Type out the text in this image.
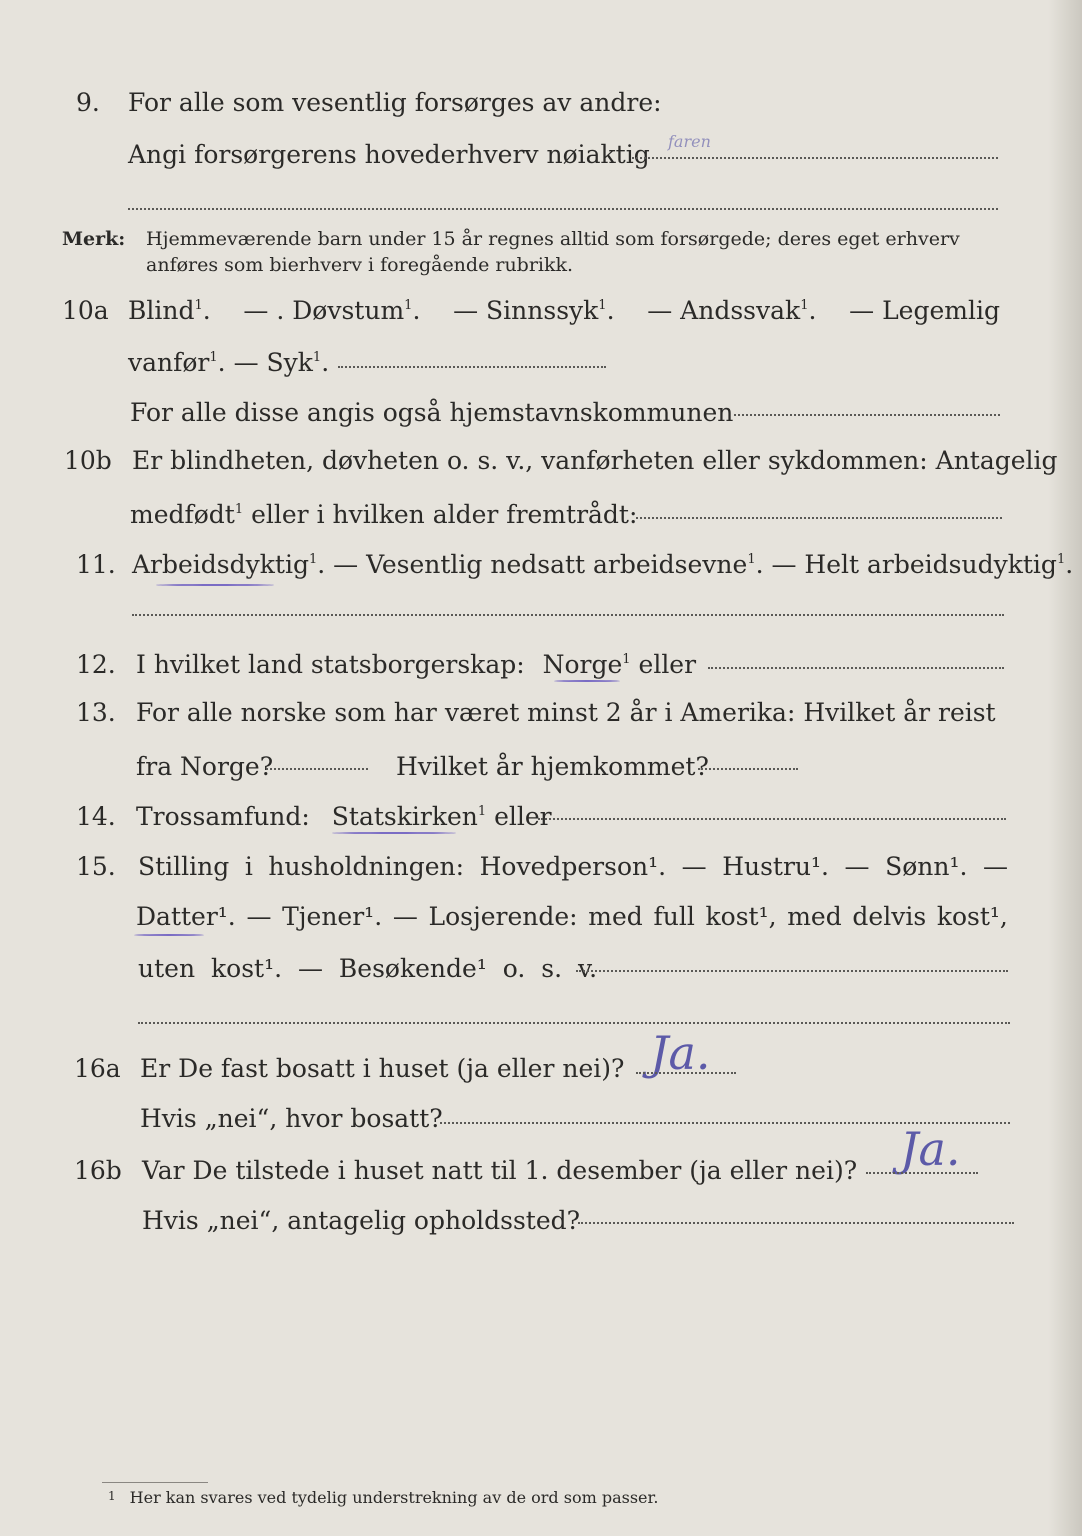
9. For alle som vesentlig forsørges av andre:
Angi forsørgerens hovederhverv nøiaktig faren
Merk: Hjemmeværende barn under 15 år regnes alltid som forsørgede; deres eget erhverv
anføres som bierhverv i foregående rubrikk.
10a Blind$^1$. — . Døvstum$^1$. — Sinnssyk$^1$. — Andssvak$^1$. — Legemlig
vanfør$^1$. — Syk$^1$.
For alle disse angis også hjemstavnskommunen
10b Er blindheten, døvheten o. s. v., vanførheten eller sykdommen: Antagelig
medfødt$^1$ eller i hvilken alder fremtrådt:
11. Arbeidsdyktig$^1$. — Vesentlig nedsatt arbeidsevne$^1$. — Helt arbeidsudyktig$^1$.
12. I hvilket land statsborgerskap: Norge$^1$ eller
13. For alle norske som har været minst 2 år i Amerika: Hvilket år reist
fra Norge?	Hvilket år hjemkommet?
14. Trossamfund: Statskirken$^1$ eller
15. Stilling i husholdningen: Hovedperson¹. — Hustru¹. — Sønn¹. —
Datter¹. — Tjener¹. — Losjerende: med full kost¹, med delvis kost¹,
uten kost¹. — Besøkende¹ o. s. v.
16a Er De fast bosatt i huset (ja eller nei)? Ja.
Hvis „nei“, hvor bosatt?
16b Var De tilstede i huset natt til 1. desember (ja eller nei)? Ja.
Hvis „nei“, antagelig opholdssted?
1 Her kan svares ved tydelig understrekning av de ord som passer.
